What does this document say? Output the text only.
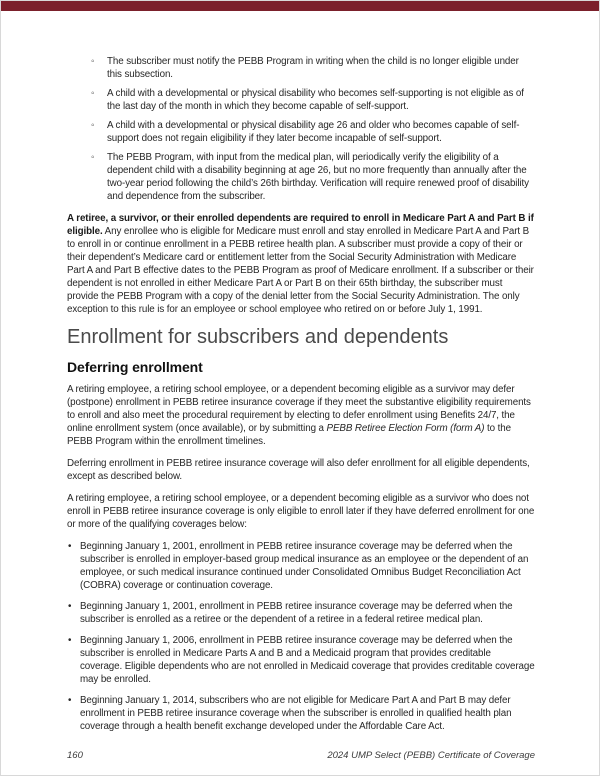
◦ The subscriber must notify the PEBB Program in writing when the child is no longer eligible under this subsection.
◦ A child with a developmental or physical disability who becomes self-supporting is not eligible as of the last day of the month in which they become capable of self-support.
◦ A child with a developmental or physical disability age 26 and older who becomes capable of self-support does not regain eligibility if they later become incapable of self-support.
◦ The PEBB Program, with input from the medical plan, will periodically verify the eligibility of a dependent child with a disability beginning at age 26, but no more frequently than annually after the two-year period following the child’s 26th birthday. Verification will require renewed proof of disability and dependence from the subscriber.

A retiree, a survivor, or their enrolled dependents are required to enroll in Medicare Part A and Part B if eligible. Any enrollee who is eligible for Medicare must enroll and stay enrolled in Medicare Part A and Part B to enroll in or continue enrollment in a PEBB retiree health plan. A subscriber must provide a copy of their or their dependent’s Medicare card or entitlement letter from the Social Security Administration with Medicare Part A and Part B effective dates to the PEBB Program as proof of Medicare enrollment. If a subscriber or their dependent is not enrolled in either Medicare Part A or Part B on their 65th birthday, the subscriber must provide the PEBB Program with a copy of the denial letter from the Social Security Administration. The only exception to this rule is for an employee or school employee who retired on or before July 1, 1991.

Enrollment for subscribers and dependents
Deferring enrollment

A retiring employee, a retiring school employee, or a dependent becoming eligible as a survivor may defer (postpone) enrollment in PEBB retiree insurance coverage if they meet the substantive eligibility requirements to enroll and also meet the procedural requirement by electing to defer enrollment using Benefits 24/7, the online enrollment system (once available), or by submitting a PEBB Retiree Election Form (form A) to the PEBB Program within the enrollment timelines.

Deferring enrollment in PEBB retiree insurance coverage will also defer enrollment for all eligible dependents, except as described below.

A retiring employee, a retiring school employee, or a dependent becoming eligible as a survivor who does not enroll in PEBB retiree insurance coverage is only eligible to enroll later if they have deferred enrollment for one or more of the qualifying coverages below:

• Beginning January 1, 2001, enrollment in PEBB retiree insurance coverage may be deferred when the subscriber is enrolled in employer-based group medical insurance as an employee or the dependent of an employee, or such medical insurance continued under Consolidated Omnibus Budget Reconciliation Act (COBRA) coverage or continuation coverage.
• Beginning January 1, 2001, enrollment in PEBB retiree insurance coverage may be deferred when the subscriber is enrolled as a retiree or the dependent of a retiree in a federal retiree medical plan.
• Beginning January 1, 2006, enrollment in PEBB retiree insurance coverage may be deferred when the subscriber is enrolled in Medicare Parts A and B and a Medicaid program that provides creditable coverage. Eligible dependents who are not enrolled in Medicaid coverage that provides creditable coverage may be enrolled.
• Beginning January 1, 2014, subscribers who are not eligible for Medicare Part A and Part B may defer enrollment in PEBB retiree insurance coverage when the subscriber is enrolled in qualified health plan coverage through a health benefit exchange developed under the Affordable Care Act.
160	2024 UMP Select (PEBB) Certificate of Coverage
